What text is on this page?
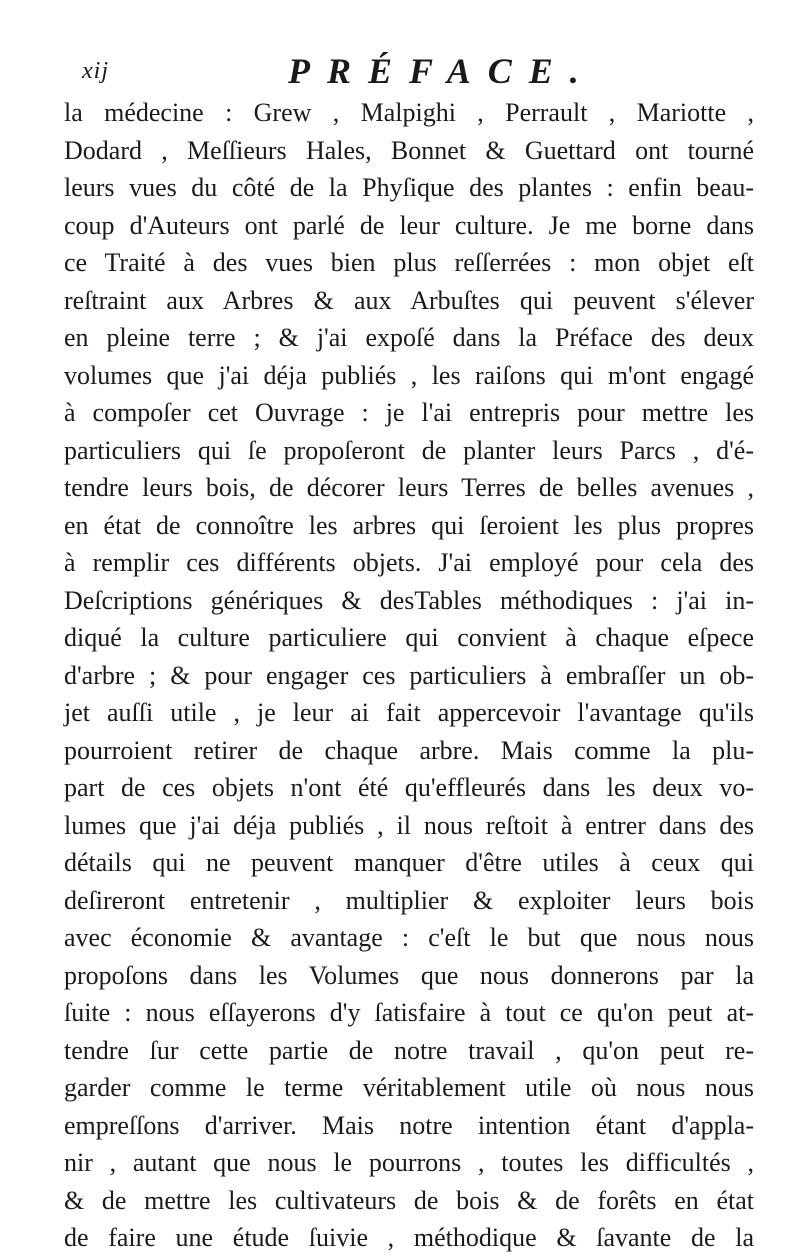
xij	PRÉFACE.
la médecine : Grew , Malpighi , Perrault , Mariotte ,
Dodard , Meſſieurs Hales, Bonnet & Guettard ont tourné
leurs vues du côté de la Phyſique des plantes : enfin beau-
coup d'Auteurs ont parlé de leur culture. Je me borne dans
ce Traité à des vues bien plus reſſerrées : mon objet eſt
reſtraint aux Arbres & aux Arbuſtes qui peuvent s'élever
en pleine terre ; & j'ai expoſé dans la Préface des deux
volumes que j'ai déja publiés , les raiſons qui m'ont engagé
à compoſer cet Ouvrage : je l'ai entrepris pour mettre les
particuliers qui ſe propoſeront de planter leurs Parcs , d'é-
tendre leurs bois, de décorer leurs Terres de belles avenues ,
en état de connoître les arbres qui ſeroient les plus propres
à remplir ces différents objets. J'ai employé pour cela des
Deſcriptions génériques & desTables méthodiques : j'ai in-
diqué la culture particuliere qui convient à chaque eſpece
d'arbre ; & pour engager ces particuliers à embraſſer un ob-
jet auſſi utile , je leur ai fait appercevoir l'avantage qu'ils
pourroient retirer de chaque arbre. Mais comme la plu-
part de ces objets n'ont été qu'effleurés dans les deux vo-
lumes que j'ai déja publiés , il nous reſtoit à entrer dans des
détails qui ne peuvent manquer d'être utiles à ceux qui
deſireront entretenir , multiplier & exploiter leurs bois
avec économie & avantage : c'eſt le but que nous nous
propoſons dans les Volumes que nous donnerons par la
ſuite : nous eſſayerons d'y ſatisfaire à tout ce qu'on peut at-
tendre ſur cette partie de notre travail , qu'on peut re-
garder comme le terme véritablement utile où nous nous
empreſſons d'arriver. Mais notre intention étant d'appla-
nir , autant que nous le pourrons , toutes les difficultés ,
& de mettre les cultivateurs de bois & de forêts en état
de faire une étude ſuivie , méthodique & ſavante de la
